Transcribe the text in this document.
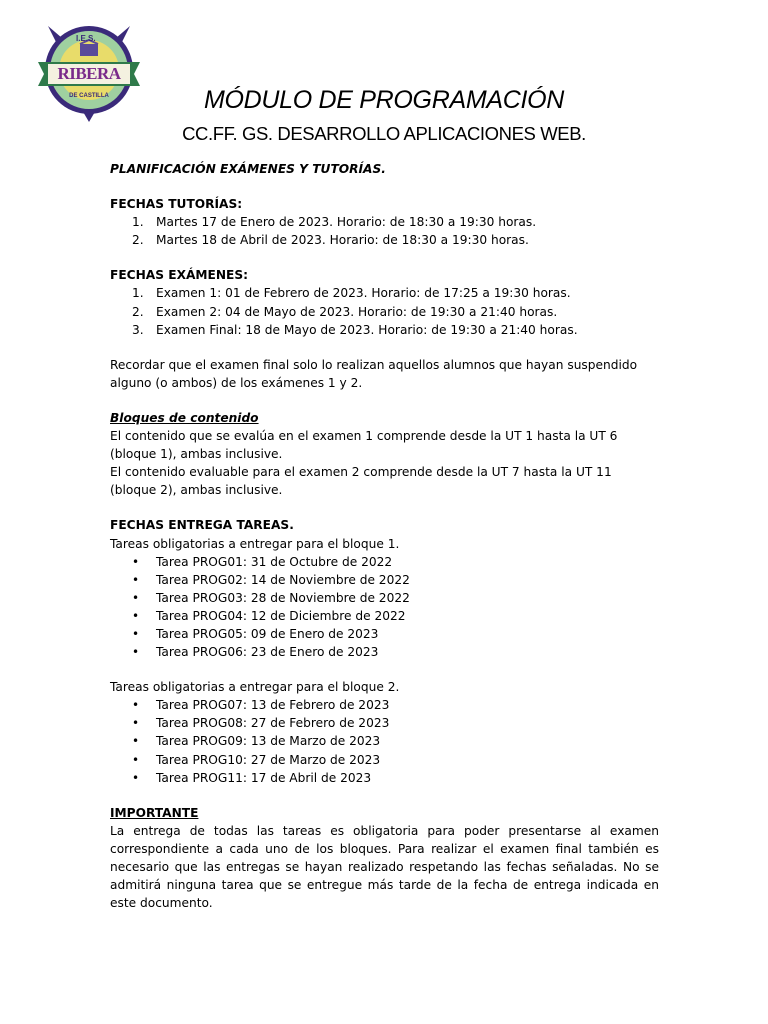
I.E.S.
RIBERA
DE CASTILLA	MÓDULO DE PROGRAMACIÓN
CC.FF. GS. DESARROLLO APLICACIONES WEB.

PLANIFICACIÓN EXÁMENES Y TUTORÍAS.

FECHAS TUTORÍAS:

1.	Martes 17 de Enero de 2023. Horario: de 18:30 a 19:30 horas.
2.	Martes 18 de Abril de 2023. Horario: de 18:30 a 19:30 horas.

FECHAS EXÁMENES:

1.	Examen 1: 01 de Febrero de 2023. Horario: de 17:25 a 19:30 horas.
2.	Examen 2: 04 de Mayo de 2023. Horario: de 19:30 a 21:40 horas.
3.	Examen Final: 18 de Mayo de 2023. Horario: de 19:30 a 21:40 horas.

Recordar que el examen final solo lo realizan aquellos alumnos que hayan suspendido

alguno (o ambos) de los exámenes 1 y 2.

Bloques de contenido

El contenido que se evalúa en el examen 1 comprende desde la UT 1 hasta la UT 6

(bloque 1), ambas inclusive.

El contenido evaluable para el examen 2 comprende desde la UT 7 hasta la UT 11

(bloque 2), ambas inclusive.

FECHAS ENTREGA TAREAS.

Tareas obligatorias a entregar para el bloque 1.

• Tarea PROG01: 31 de Octubre de 2022
• Tarea PROG02: 14 de Noviembre de 2022
• Tarea PROG03: 28 de Noviembre de 2022
• Tarea PROG04: 12 de Diciembre de 2022
• Tarea PROG05: 09 de Enero de 2023
• Tarea PROG06: 23 de Enero de 2023

Tareas obligatorias a entregar para el bloque 2.

• Tarea PROG07: 13 de Febrero de 2023
• Tarea PROG08: 27 de Febrero de 2023
• Tarea PROG09: 13 de Marzo de 2023
• Tarea PROG10: 27 de Marzo de 2023
• Tarea PROG11: 17 de Abril de 2023

IMPORTANTE

La entrega de todas las tareas es obligatoria para poder presentarse al examen correspondiente a cada uno de los bloques. Para realizar el examen final también es necesario que las entregas se hayan realizado respetando las fechas señaladas. No se admitirá ninguna tarea que se entregue más tarde de la fecha de entrega indicada en este documento.
